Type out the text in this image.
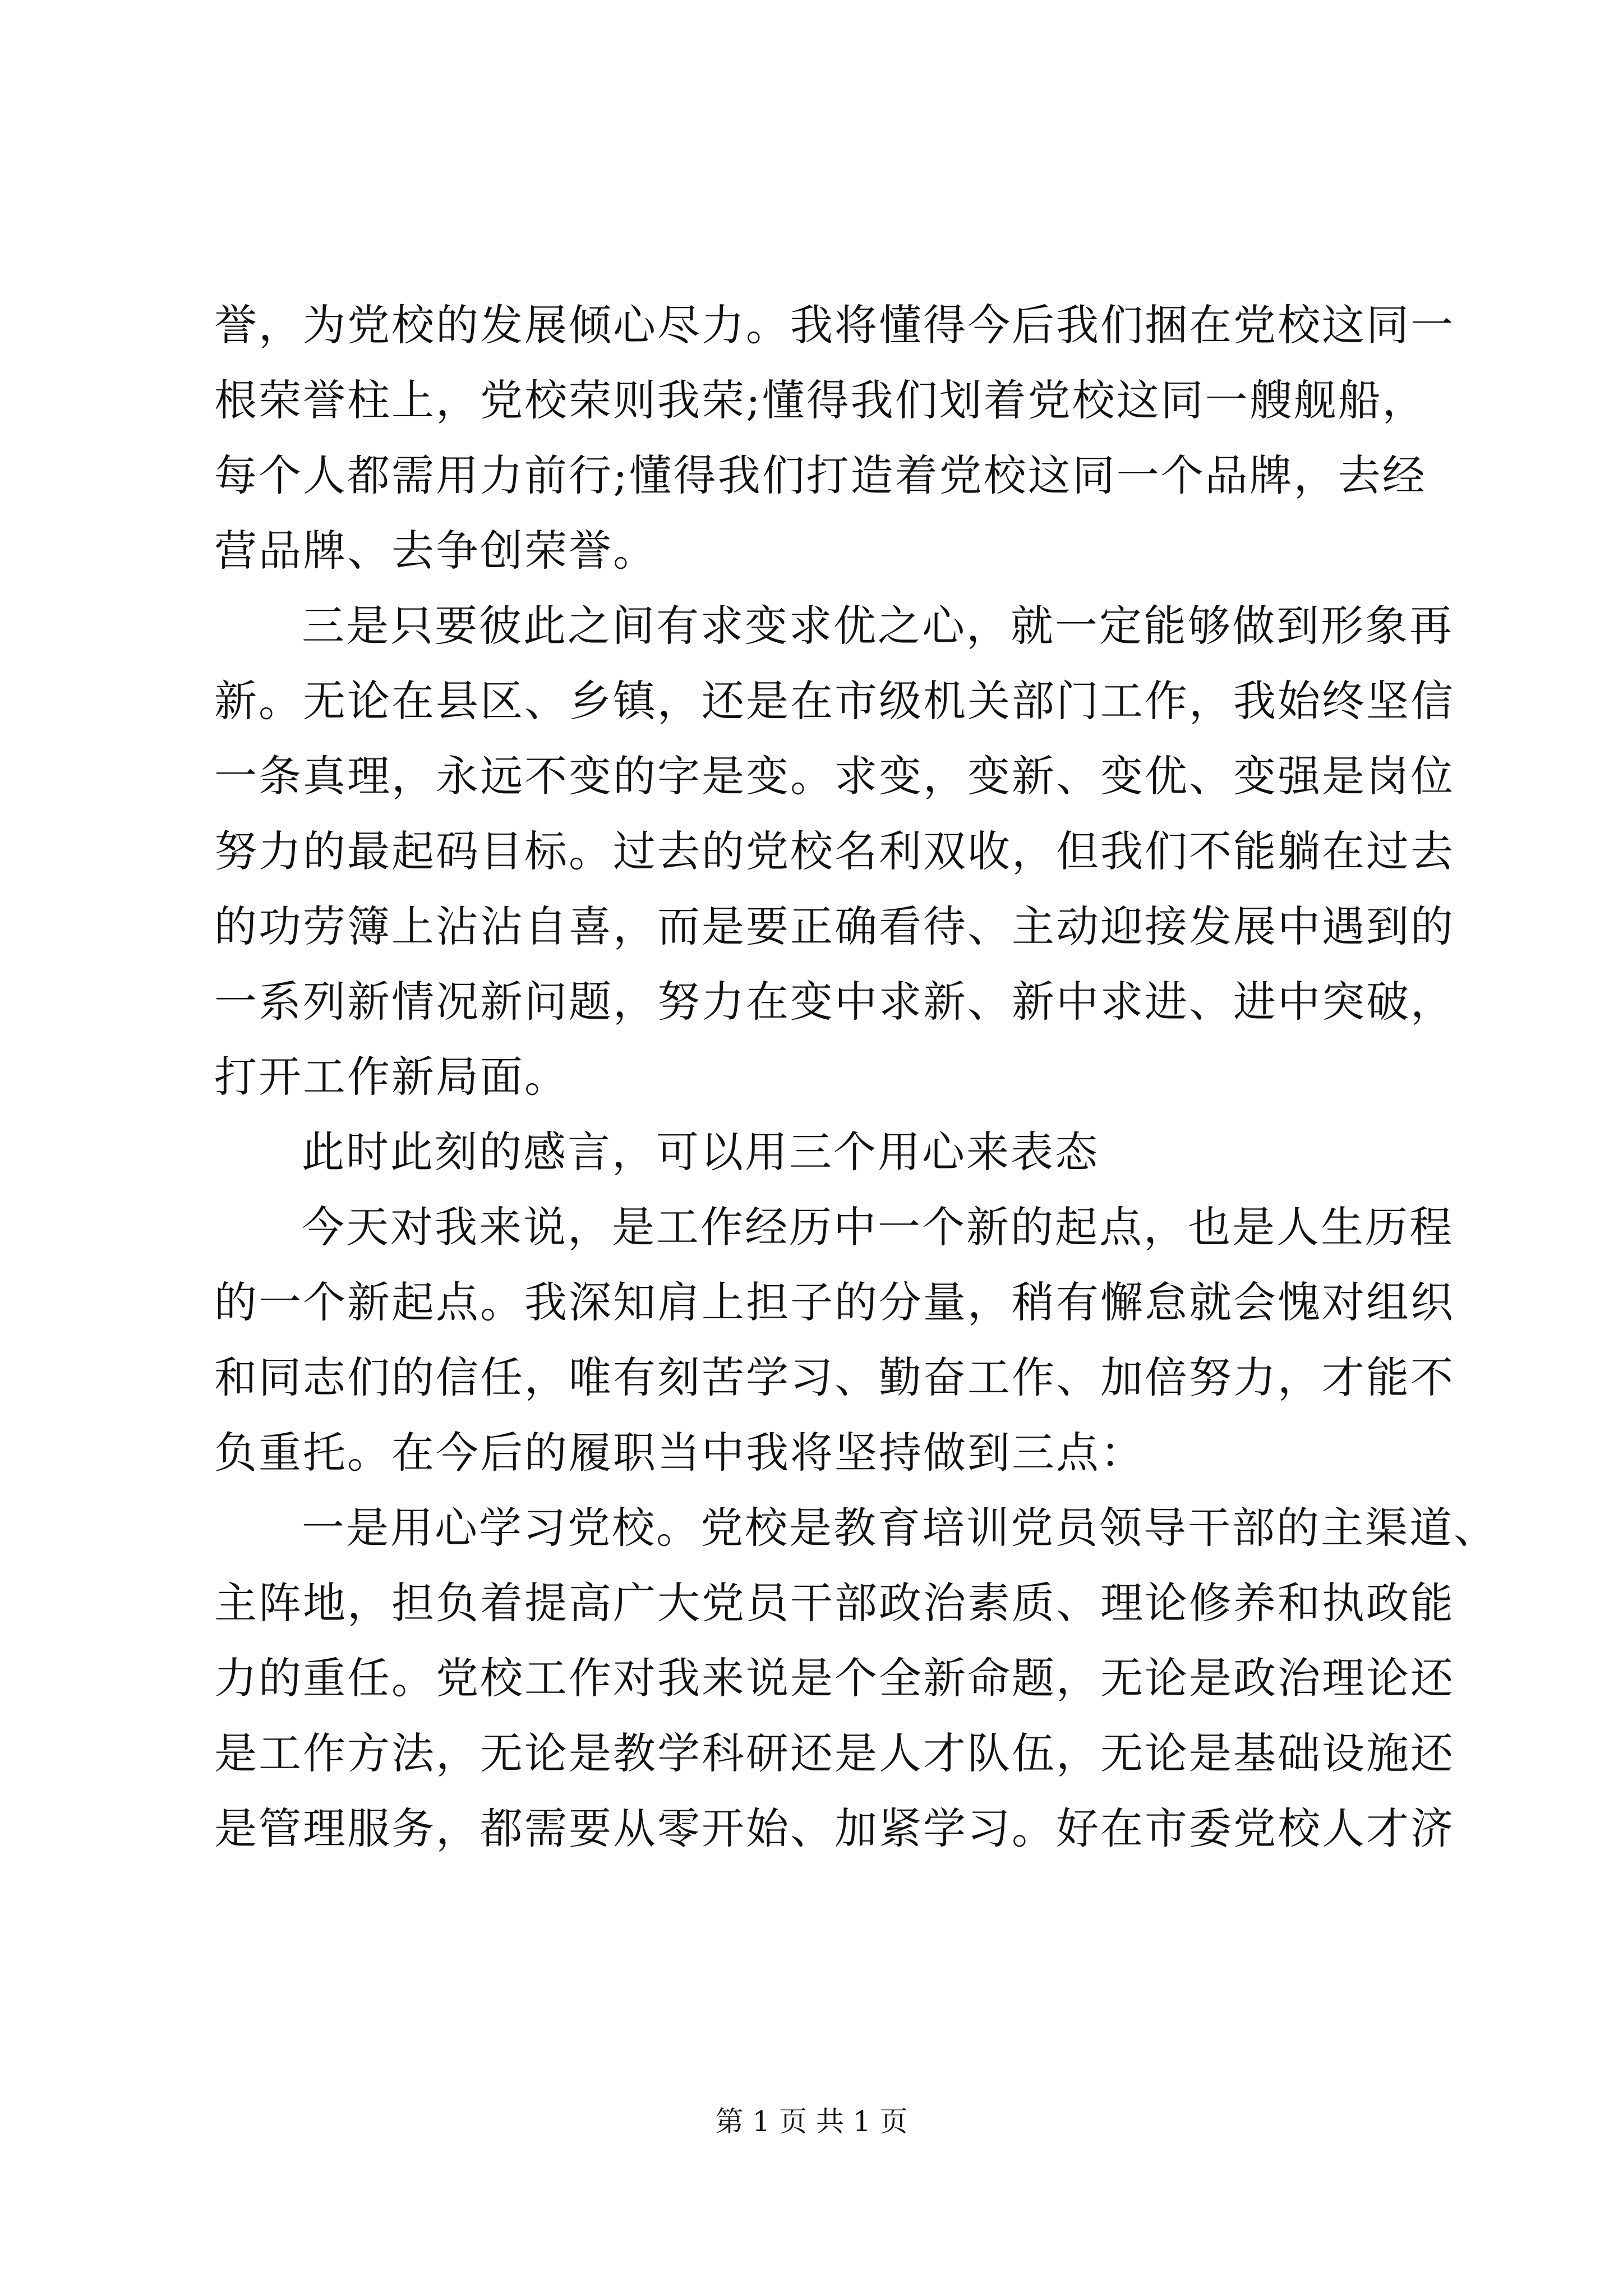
誉，为党校的发展倾心尽力。我将懂得今后我们捆在党校这同一
根荣誉柱上，党校荣则我荣;懂得我们划着党校这同一艘舰船，
每个人都需用力前行;懂得我们打造着党校这同一个品牌，去经
营品牌、去争创荣誉。
三是只要彼此之间有求变求优之心，就一定能够做到形象再
新。无论在县区、乡镇，还是在市级机关部门工作，我始终坚信
一条真理，永远不变的字是变。求变，变新、变优、变强是岗位
努力的最起码目标。过去的党校名利双收，但我们不能躺在过去
的功劳簿上沾沾自喜，而是要正确看待、主动迎接发展中遇到的
一系列新情况新问题，努力在变中求新、新中求进、进中突破，
打开工作新局面。
此时此刻的感言，可以用三个用心来表态
今天对我来说，是工作经历中一个新的起点，也是人生历程
的一个新起点。我深知肩上担子的分量，稍有懈怠就会愧对组织
和同志们的信任，唯有刻苦学习、勤奋工作、加倍努力，才能不
负重托。在今后的履职当中我将坚持做到三点：
一是用心学习党校。党校是教育培训党员领导干部的主渠道、
主阵地，担负着提高广大党员干部政治素质、理论修养和执政能
力的重任。党校工作对我来说是个全新命题，无论是政治理论还
是工作方法，无论是教学科研还是人才队伍，无论是基础设施还
是管理服务，都需要从零开始、加紧学习。好在市委党校人才济
第 1 页 共 1 页
